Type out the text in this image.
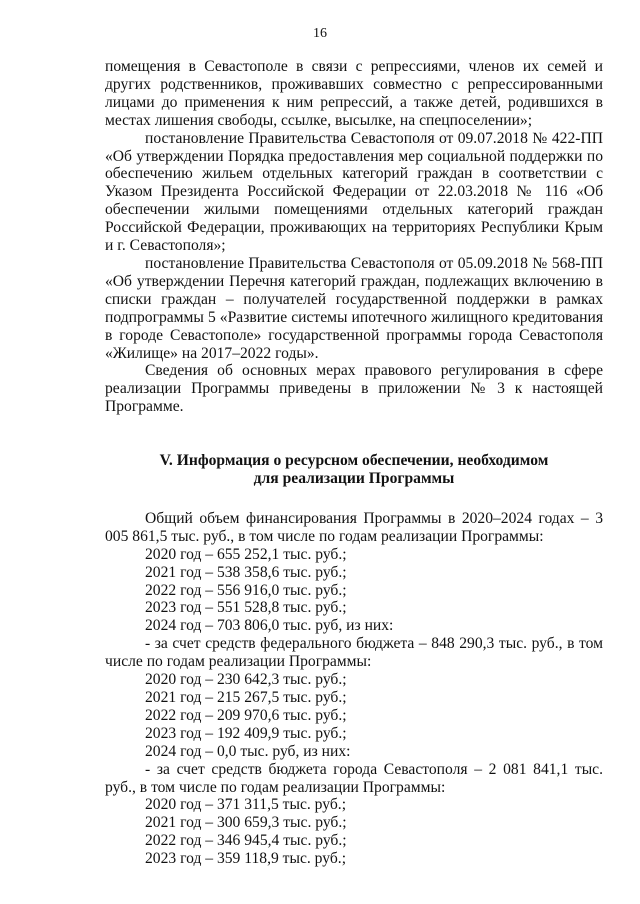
16

помещения в Севастополе в связи с репрессиями, членов их семей и других родственников, проживавших совместно с репрессированными лицами до применения к ним репрессий, а также детей, родившихся в местах лишения свободы, ссылке, высылке, на спецпоселении»;

постановление Правительства Севастополя от 09.07.2018 № 422-ПП «Об утверждении Порядка предоставления мер социальной поддержки по обеспечению жильем отдельных категорий граждан в соответствии с Указом Президента Российской Федерации от 22.03.2018 № 116 «Об обеспечении жилыми помещениями отдельных категорий граждан Российской Федерации, проживающих на территориях Республики Крым и г. Севастополя»;

постановление Правительства Севастополя от 05.09.2018 № 568-ПП «Об утверждении Перечня категорий граждан, подлежащих включению в списки граждан – получателей государственной поддержки в рамках подпрограммы 5 «Развитие системы ипотечного жилищного кредитования в городе Севастополе» государственной программы города Севастополя «Жилище» на 2017–2022 годы».

Сведения об основных мерах правового регулирования в сфере реализации Программы приведены в приложении № 3 к настоящей Программе.

V. Информация о ресурсном обеспечении, необходимом

для реализации Программы

Общий объем финансирования Программы в 2020–2024 годах – 3 005 861,5 тыс. руб., в том числе по годам реализации Программы:

2020 год – 655 252,1 тыс. руб.;

2021 год – 538 358,6 тыс. руб.;

2022 год – 556 916,0 тыс. руб.;

2023 год – 551 528,8 тыс. руб.;

2024 год – 703 806,0 тыс. руб, из них:

- за счет средств федерального бюджета – 848 290,3 тыс. руб., в том числе по годам реализации Программы:

2020 год – 230 642,3 тыс. руб.;

2021 год – 215 267,5 тыс. руб.;

2022 год – 209 970,6 тыс. руб.;

2023 год – 192 409,9 тыс. руб.;

2024 год – 0,0 тыс. руб, из них:

- за счет средств бюджета города Севастополя – 2 081 841,1 тыс. руб., в том числе по годам реализации Программы:

2020 год – 371 311,5 тыс. руб.;

2021 год – 300 659,3 тыс. руб.;

2022 год – 346 945,4 тыс. руб.;

2023 год – 359 118,9 тыс. руб.;
